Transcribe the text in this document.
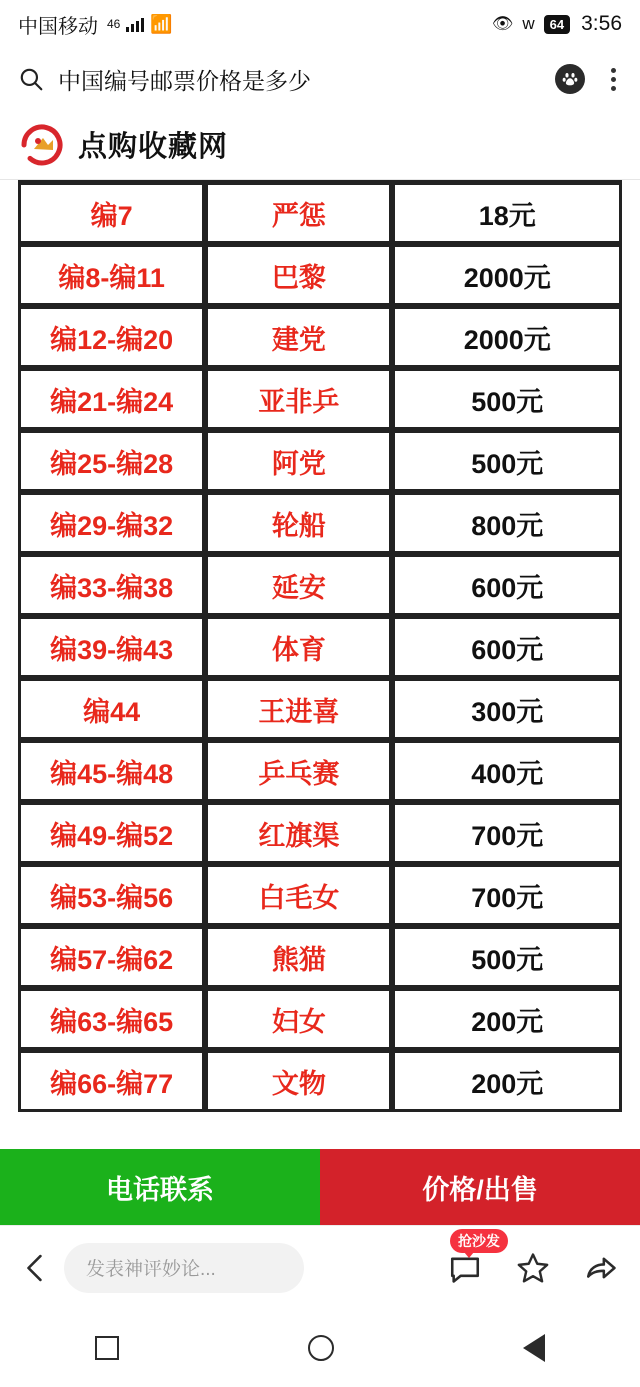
中国移动 46 📶	👁 w	64 3:56
中国编号邮票价格是多少
点购收藏网

编7	严惩	18元
编8-编11	巴黎	2000元
编12-编20	建党	2000元
编21-编24	亚非乒	500元
编25-编28	阿党	500元
编29-编32	轮船	800元
编33-编38	延安	600元
编39-编43	体育	600元
编44	王进喜	300元
编45-编48	乒乓赛	400元
编49-编52	红旗渠	700元
编53-编56	白毛女	700元
编57-编62	熊猫	500元
编63-编65	妇女	200元
编66-编77	文物	200元
电话联系	价格/出售
发表神评妙论...
抢沙发
